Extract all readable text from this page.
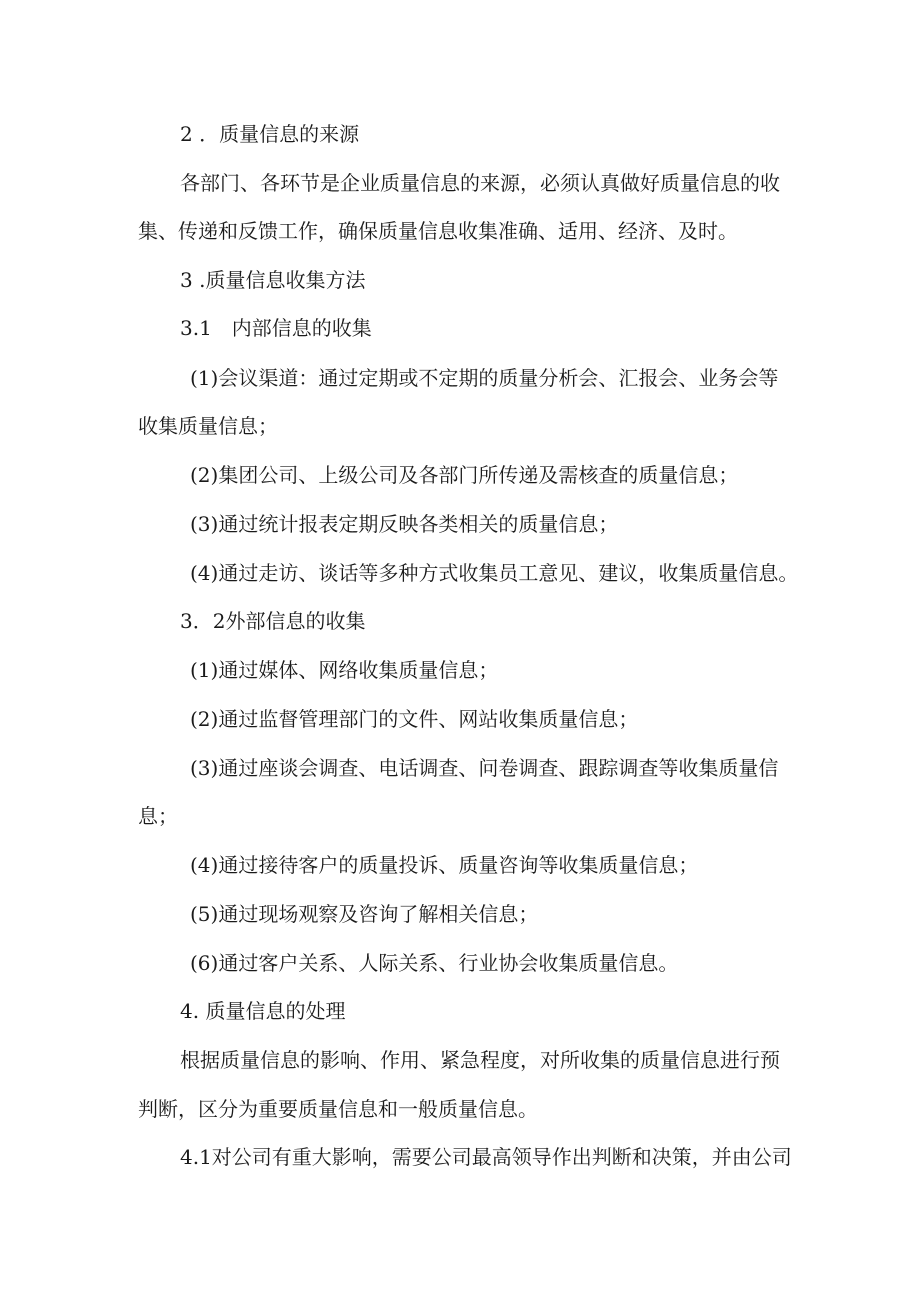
2 ．质量信息的来源
各部门、各环节是企业质量信息的来源，必须认真做好质量信息的收
集、传递和反馈工作，确保质量信息收集准确、适用、经济、及时。
3 .质量信息收集方法
3.1　内部信息的收集
(1)会议渠道：通过定期或不定期的质量分析会、汇报会、业务会等
收集质量信息；
(2)集团公司、上级公司及各部门所传递及需核查的质量信息；
(3)通过统计报表定期反映各类相关的质量信息；
(4)通过走访、谈话等多种方式收集员工意见、建议，收集质量信息。
3．2外部信息的收集
(1)通过媒体、网络收集质量信息；
(2)通过监督管理部门的文件、网站收集质量信息；
(3)通过座谈会调查、电话调查、问卷调查、跟踪调查等收集质量信
息；
(4)通过接待客户的质量投诉、质量咨询等收集质量信息；
(5)通过现场观察及咨询了解相关信息；
(6)通过客户关系、人际关系、行业协会收集质量信息。
4. 质量信息的处理
根据质量信息的影响、作用、紧急程度，对所收集的质量信息进行预
判断，区分为重要质量信息和一般质量信息。
4.1对公司有重大影响，需要公司最高领导作出判断和决策，并由公司
